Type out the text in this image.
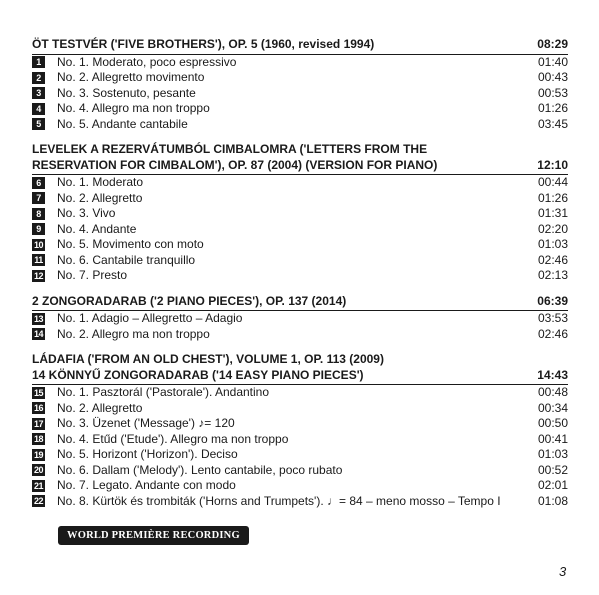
ÖT TESTVÉR ('FIVE BROTHERS'), OP. 5 (1960, revised 1994)	08:29
1	No. 1. Moderato, poco espressivo	01:40
2	No. 2. Allegretto movimento	00:43
3	No. 3. Sostenuto, pesante	00:53
4	No. 4. Allegro ma non troppo	01:26
5	No. 5. Andante cantabile	03:45
LEVELEK A REZERVÁTUMBÓL CIMBALOMRA ('LETTERS FROM THE
RESERVATION FOR CIMBALOM'), OP. 87 (2004) (VERSION FOR PIANO)	12:10
6	No. 1. Moderato	00:44
7	No. 2. Allegretto	01:26
8	No. 3. Vivo	01:31
9	No. 4. Andante	02:20
10 No. 5. Movimento con moto	01:03
11 No. 6. Cantabile tranquillo	02:46
12 No. 7. Presto	02:13
2 ZONGORADARAB ('2 PIANO PIECES'), OP. 137 (2014)	06:39
13 No. 1. Adagio – Allegretto – Adagio	03:53
14 No. 2. Allegro ma non troppo	02:46
LÁDAFIA ('FROM AN OLD CHEST'), VOLUME 1, OP. 113 (2009)
14 KÖNNYŰ ZONGORADARAB ('14 EASY PIANO PIECES')	14:43
15 No. 1. Pasztorál ('Pastorale'). Andantino	00:48
16 No. 2. Allegretto	00:34
17 No. 3. Üzenet ('Message') ♪= 120	00:50
18 No. 4. Etűd ('Etude'). Allegro ma non troppo	00:41
19 No. 5. Horizont ('Horizon'). Deciso	01:03
20 No. 6. Dallam ('Melody'). Lento cantabile, poco rubato	00:52
21 No. 7. Legato. Andante con modo	02:01
22 No. 8. Kürtök és trombiták ('Horns and Trumpets'). ♩= 84 – meno mosso – Tempo I	01:08
WORLD PREMIÈRE RECORDING
3
